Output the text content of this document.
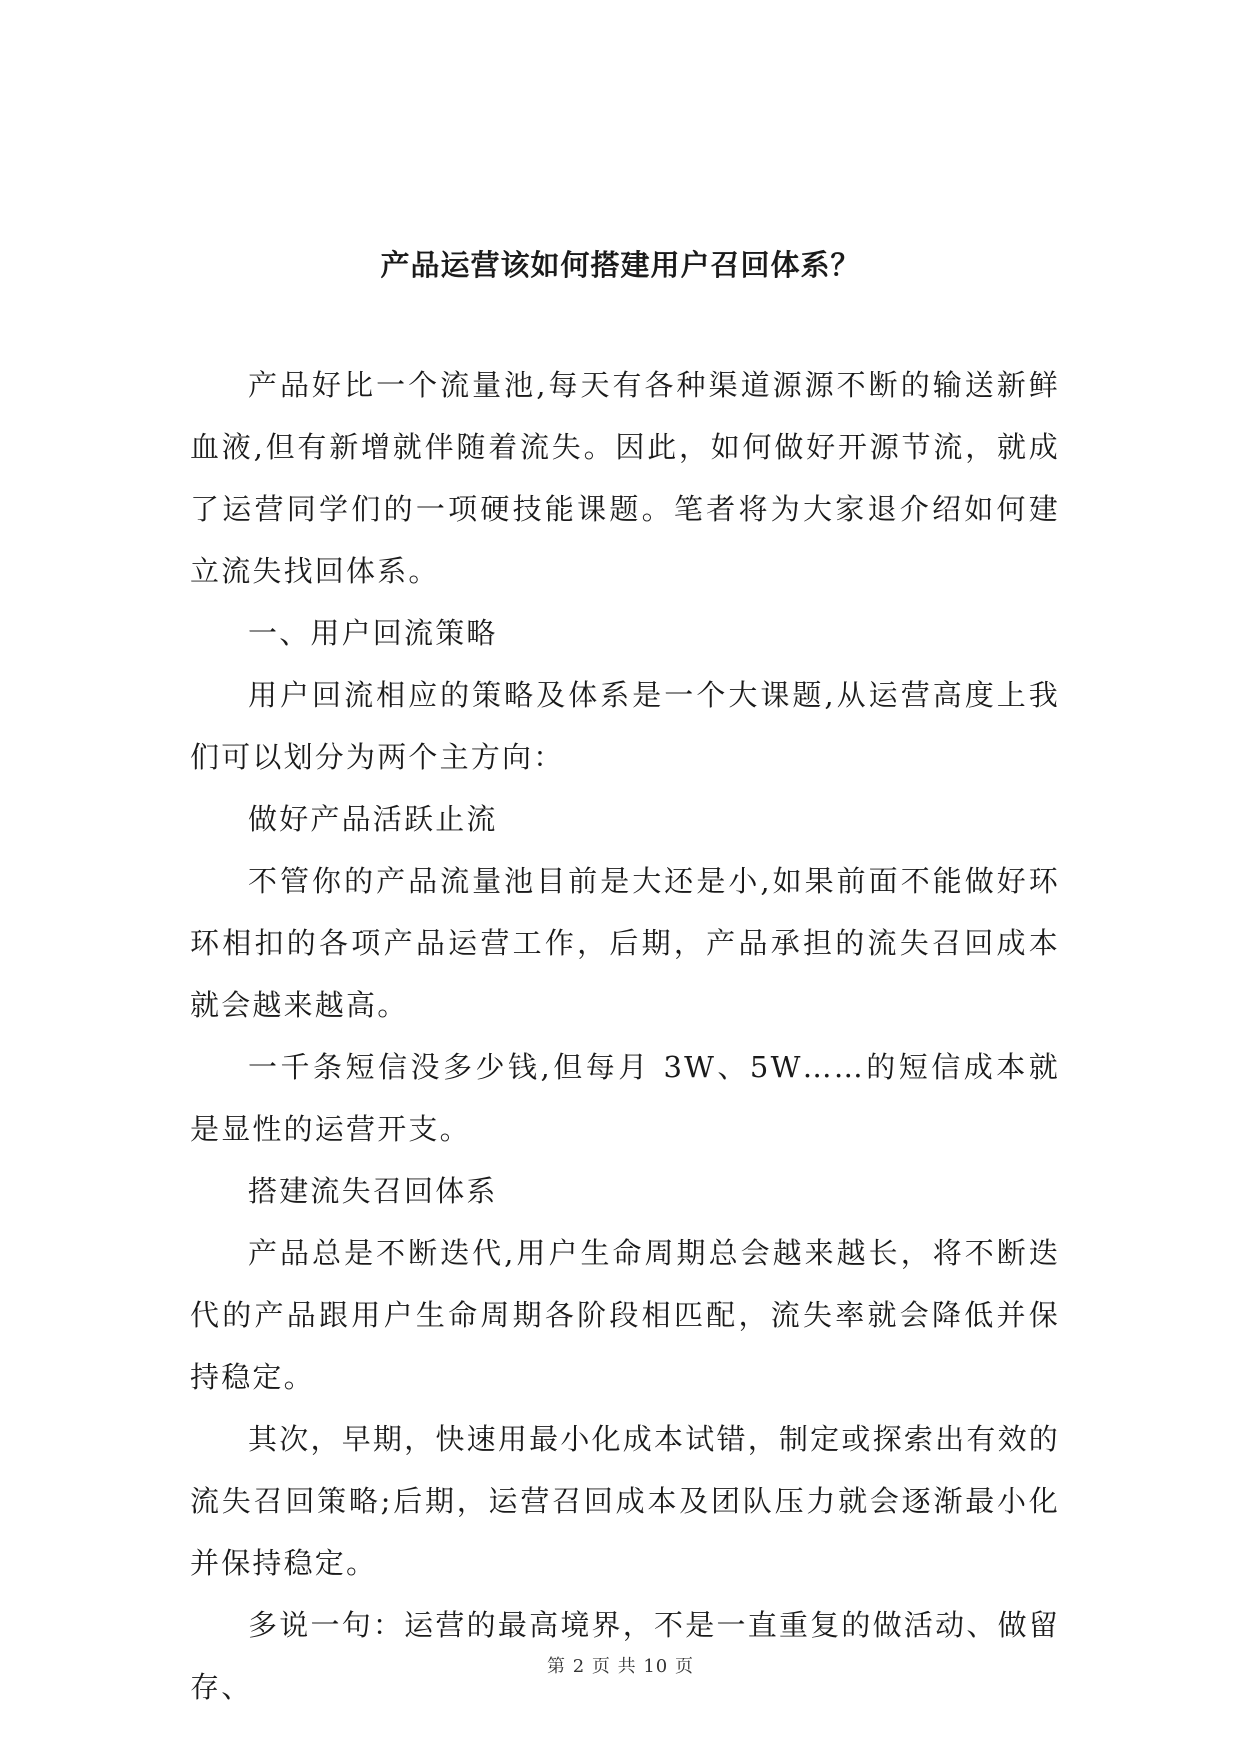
产品运营该如何搭建用户召回体系？

产品好比一个流量池,每天有各种渠道源源不断的输送新鲜血液,但有新增就伴随着流失。因此，如何做好开源节流，就成了运营同学们的一项硬技能课题。笔者将为大家退介绍如何建立流失找回体系。

一、用户回流策略

用户回流相应的策略及体系是一个大课题,从运营高度上我们可以划分为两个主方向：

做好产品活跃止流

不管你的产品流量池目前是大还是小,如果前面不能做好环环相扣的各项产品运营工作，后期，产品承担的流失召回成本就会越来越高。

一千条短信没多少钱,但每月 3W、5W……的短信成本就是显性的运营开支。

搭建流失召回体系

产品总是不断迭代,用户生命周期总会越来越长，将不断迭代的产品跟用户生命周期各阶段相匹配，流失率就会降低并保持稳定。

其次，早期，快速用最小化成本试错，制定或探索出有效的流失召回策略;后期，运营召回成本及团队压力就会逐渐最小化并保持稳定。

多说一句：运营的最高境界，不是一直重复的做活动、做留存、

第 2 页 共 10 页
